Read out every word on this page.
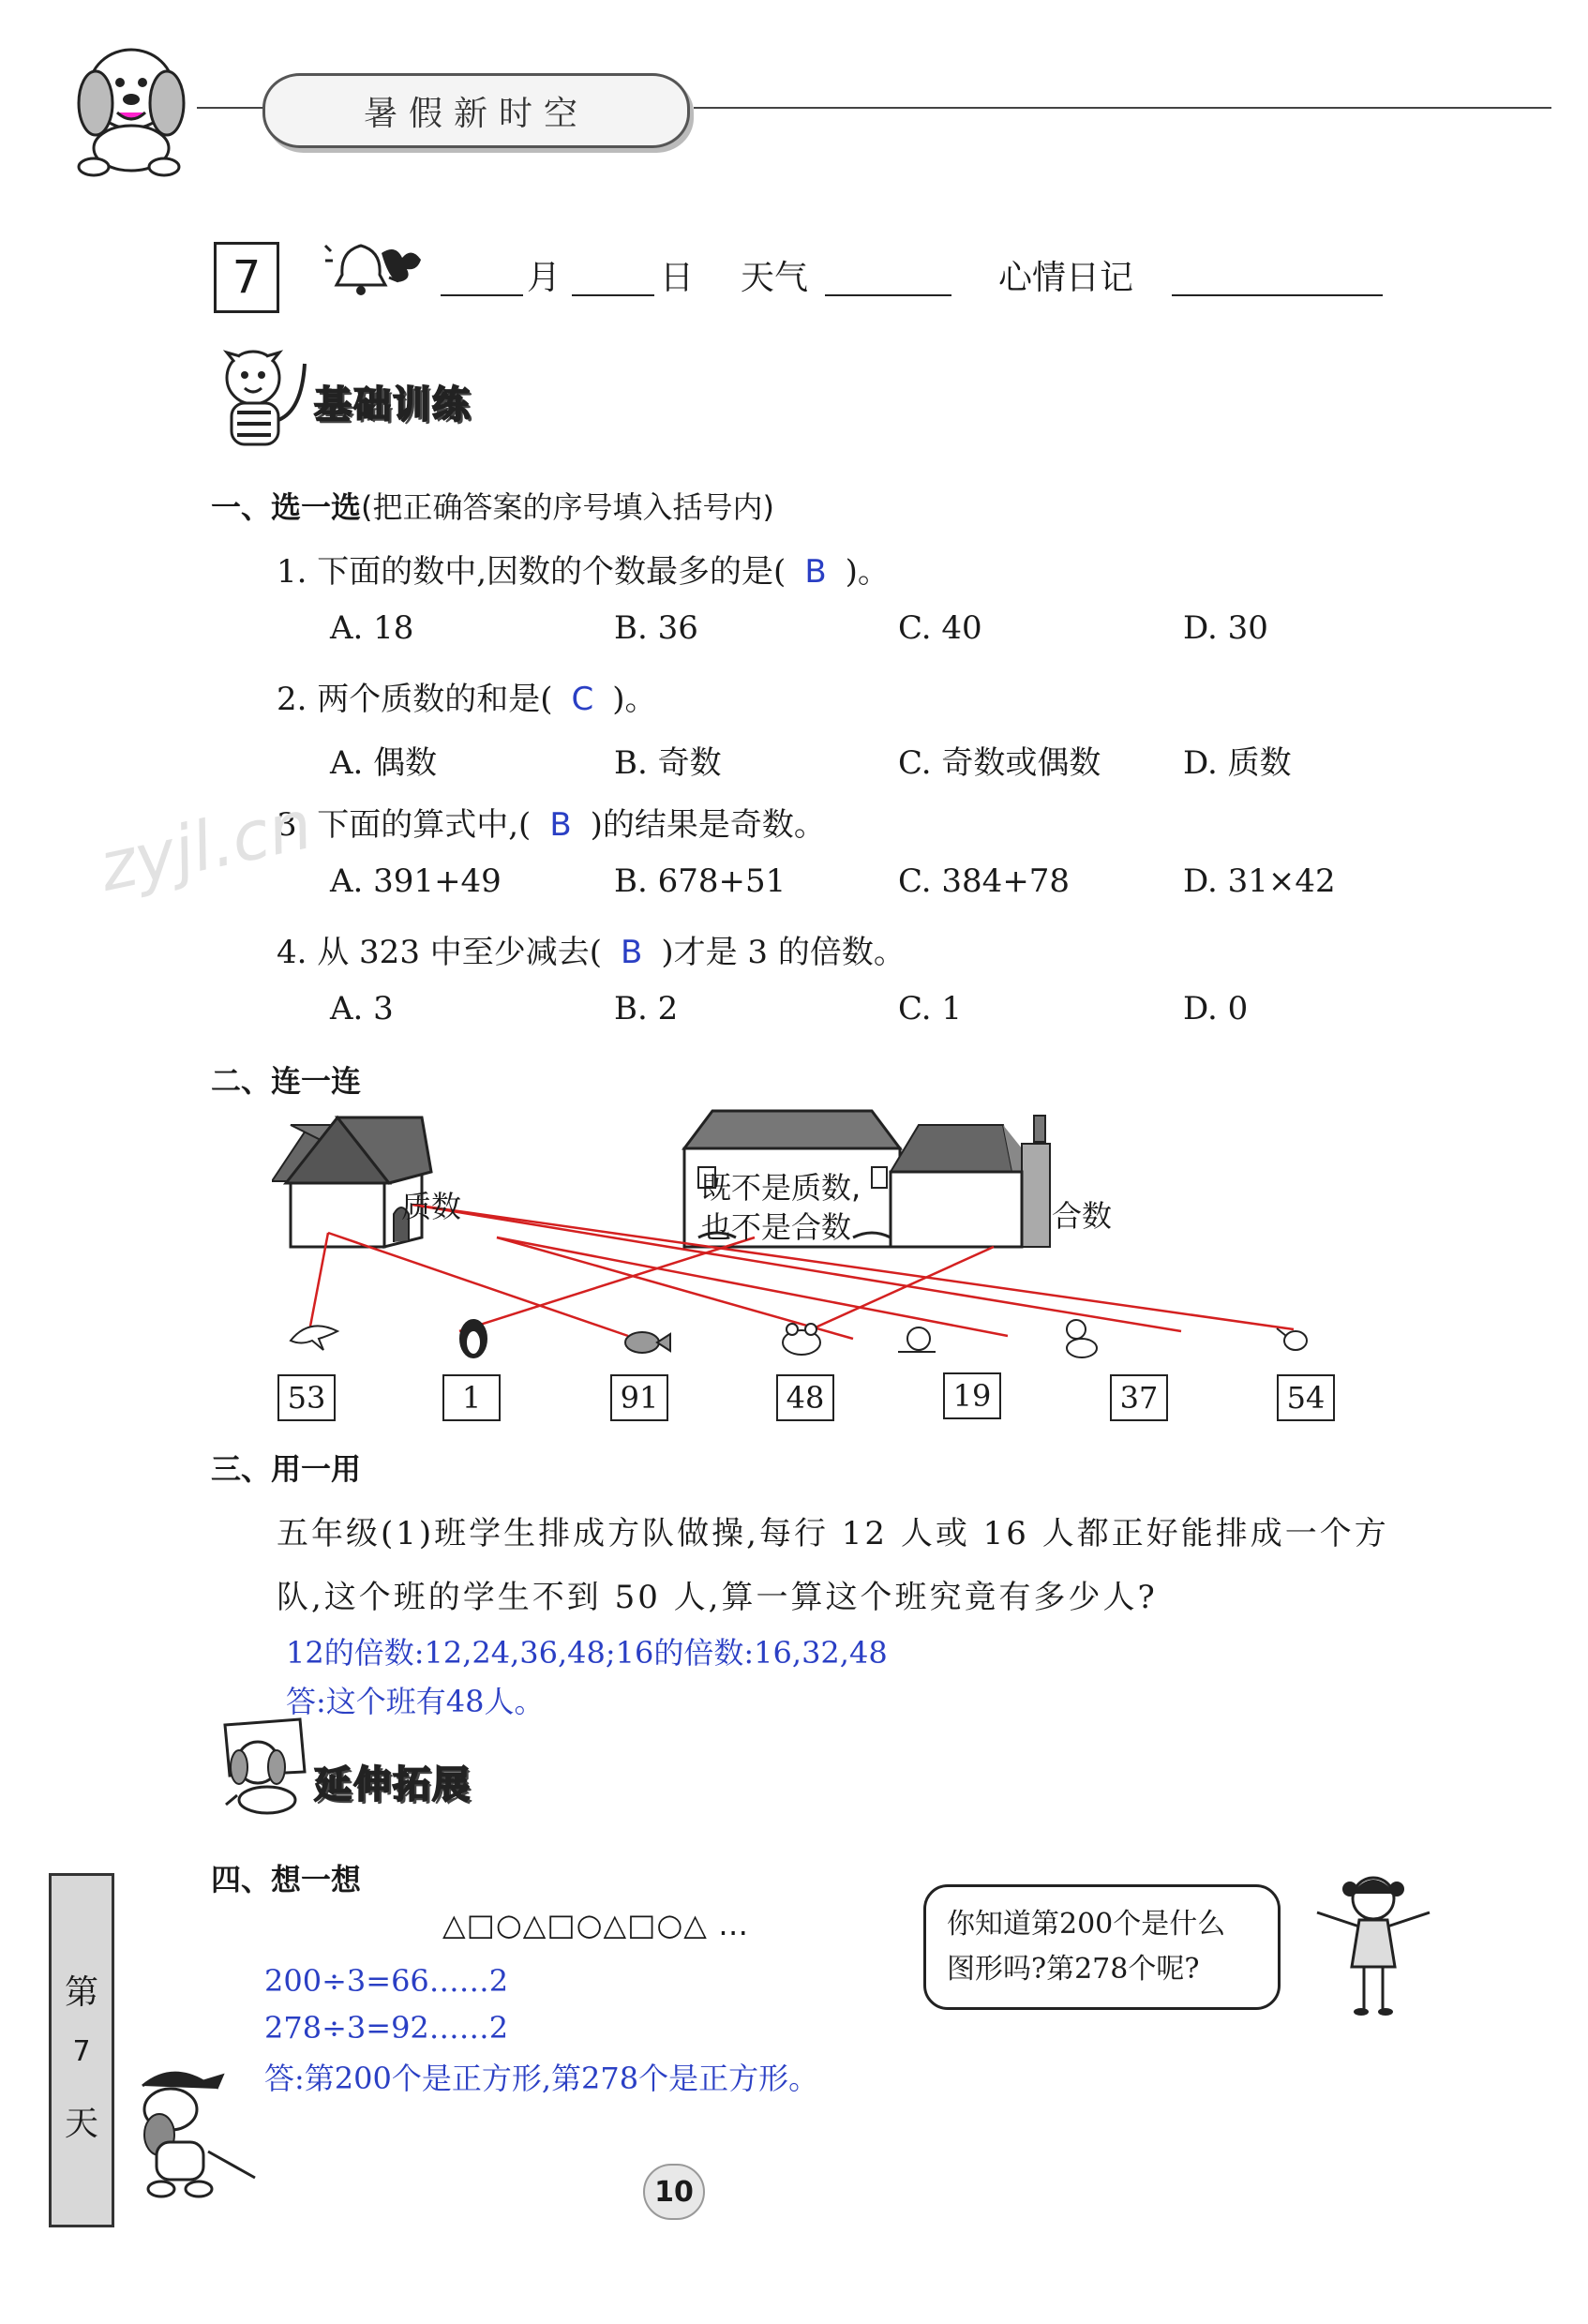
暑假新时空
7	月	日 天气	心情日记
基础训练
一、选一选(把正确答案的序号填入括号内)
1. 下面的数中,因数的个数最多的是( B )。
A. 18	B. 36	C. 40	D. 30
2. 两个质数的和是( C )。
A. 偶数	B. 奇数	C. 奇数或偶数	D. 质数
3. 下面的算式中,( B )的结果是奇数。
A. 391+49	B. 678+51	C. 384+78	D. 31×42
4. 从 323 中至少减去( B )才是 3 的倍数。
A. 3	B. 2	C. 1	D. 0
zyjl.cn
二、连一连
质数
既不是质数,
也不是合数	合数
53	1	91	48	19	37	54
三、用一用
五年级(1)班学生排成方队做操,每行 12 人或 16 人都正好能排成一个方
队,这个班的学生不到 50 人,算一算这个班究竟有多少人?
12的倍数:12,24,36,48;16的倍数:16,32,48
答:这个班有48人。
延伸拓展
四、想一想
△□○△□○△□○△ …
200÷3=66……2
278÷3=92……2
答:第200个是正方形,第278个是正方形。
你知道第200个是什么
图形吗?第278个呢?
第
7
天
10
